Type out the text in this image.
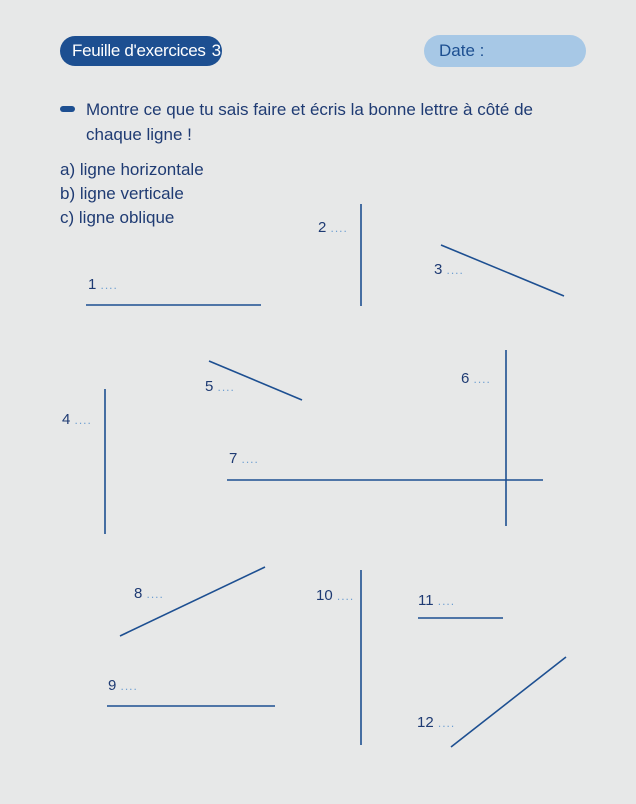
Feuille d'exercices 3	Date :
Montre ce que tu sais faire et écris la bonne lettre à côté de chaque ligne !
a) ligne horizontale
b) ligne verticale
c) ligne oblique
1 ....
2 ....
3 ....
4 ....
5 ....	6 ....
7 ....
8 ....
9 ....
10 ....	11 ....
12 ....
